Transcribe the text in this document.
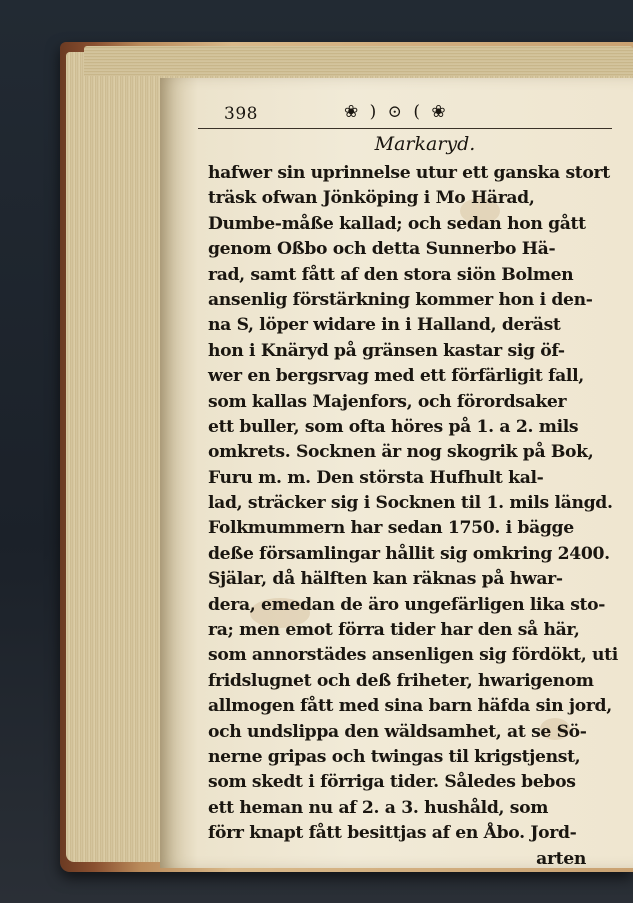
398	❀ ) ⊙ ( ❀
Markaryd.
hafwer sin uprinnelse utur ett ganska stort
träsk ofwan Jönköping i Mo Härad,
Dumbe-måße kallad; och sedan hon gått
genom Oßbo och detta Sunnerbo Hä-
rad, samt fått af den stora siön Bolmen
ansenlig förstärkning kommer hon i den-
na S, löper widare in i Halland, deräst
hon i Knäryd på gränsen kastar sig öf-
wer en bergsrvag med ett förfärligit fall,
som kallas Majenfors, och förordsaker
ett buller, som ofta höres på 1. a 2. mils
omkrets. Socknen är nog skogrik på Bok,
Furu m. m. Den största Hufhult kal-
lad, sträcker sig i Socknen til 1. mils längd.
Folkmummern har sedan 1750. i bägge
deße församlingar hållit sig omkring 2400.
Själar, då hälften kan räknas på hwar-
dera, emedan de äro ungefärligen lika sto-
ra; men emot förra tider har den så här,
som annorstädes ansenligen sig fördökt, uti
fridslugnet och deß friheter, hwarigenom
allmogen fått med sina barn häfda sin jord,
och undslippa den wäldsamhet, at se Sö-
nerne gripas och twingas til krigstjenst,
som skedt i förriga tider. Således bebos
ett heman nu af 2. a 3. hushåld, som
förr knapt fått besittjas af en Åbo. Jord-
arten
